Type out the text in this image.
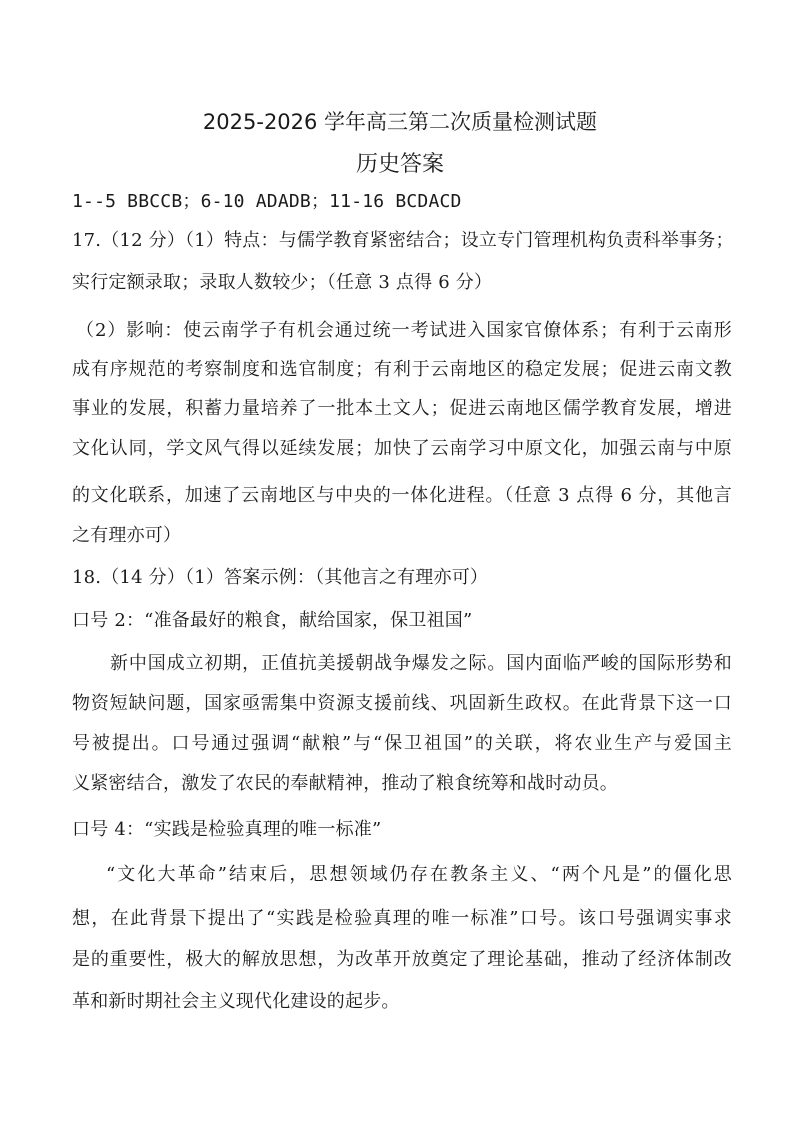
2025-2026 学年高三第二次质量检测试题
历史答案
1--5 BBCCB；6-10 ADADB；11-16 BCDACD
17.（12 分）（1）特点：与儒学教育紧密结合；设立专门管理机构负责科举事务；
实行定额录取；录取人数较少；（任意 3 点得 6 分）
（2）影响：使云南学子有机会通过统一考试进入国家官僚体系；有利于云南形
成有序规范的考察制度和选官制度；有利于云南地区的稳定发展；促进云南文教
事业的发展，积蓄力量培养了一批本土文人；促进云南地区儒学教育发展，增进
文化认同，学文风气得以延续发展；加快了云南学习中原文化，加强云南与中原
的文化联系，加速了云南地区与中央的一体化进程。（任意 3 点得 6 分，其他言
之有理亦可）
18.（14 分）（1）答案示例：（其他言之有理亦可）
口号 2：“准备最好的粮食，献给国家，保卫祖国”
新中国成立初期，正值抗美援朝战争爆发之际。国内面临严峻的国际形势和
物资短缺问题，国家亟需集中资源支援前线、巩固新生政权。在此背景下这一口
号被提出。口号通过强调“献粮”与“保卫祖国”的关联，将农业生产与爱国主
义紧密结合，激发了农民的奉献精神，推动了粮食统筹和战时动员。
口号 4：“实践是检验真理的唯一标准”
“文化大革命”结束后，思想领域仍存在教条主义、“两个凡是”的僵化思
想，在此背景下提出了“实践是检验真理的唯一标准”口号。该口号强调实事求
是的重要性，极大的解放思想，为改革开放奠定了理论基础，推动了经济体制改
革和新时期社会主义现代化建设的起步。
